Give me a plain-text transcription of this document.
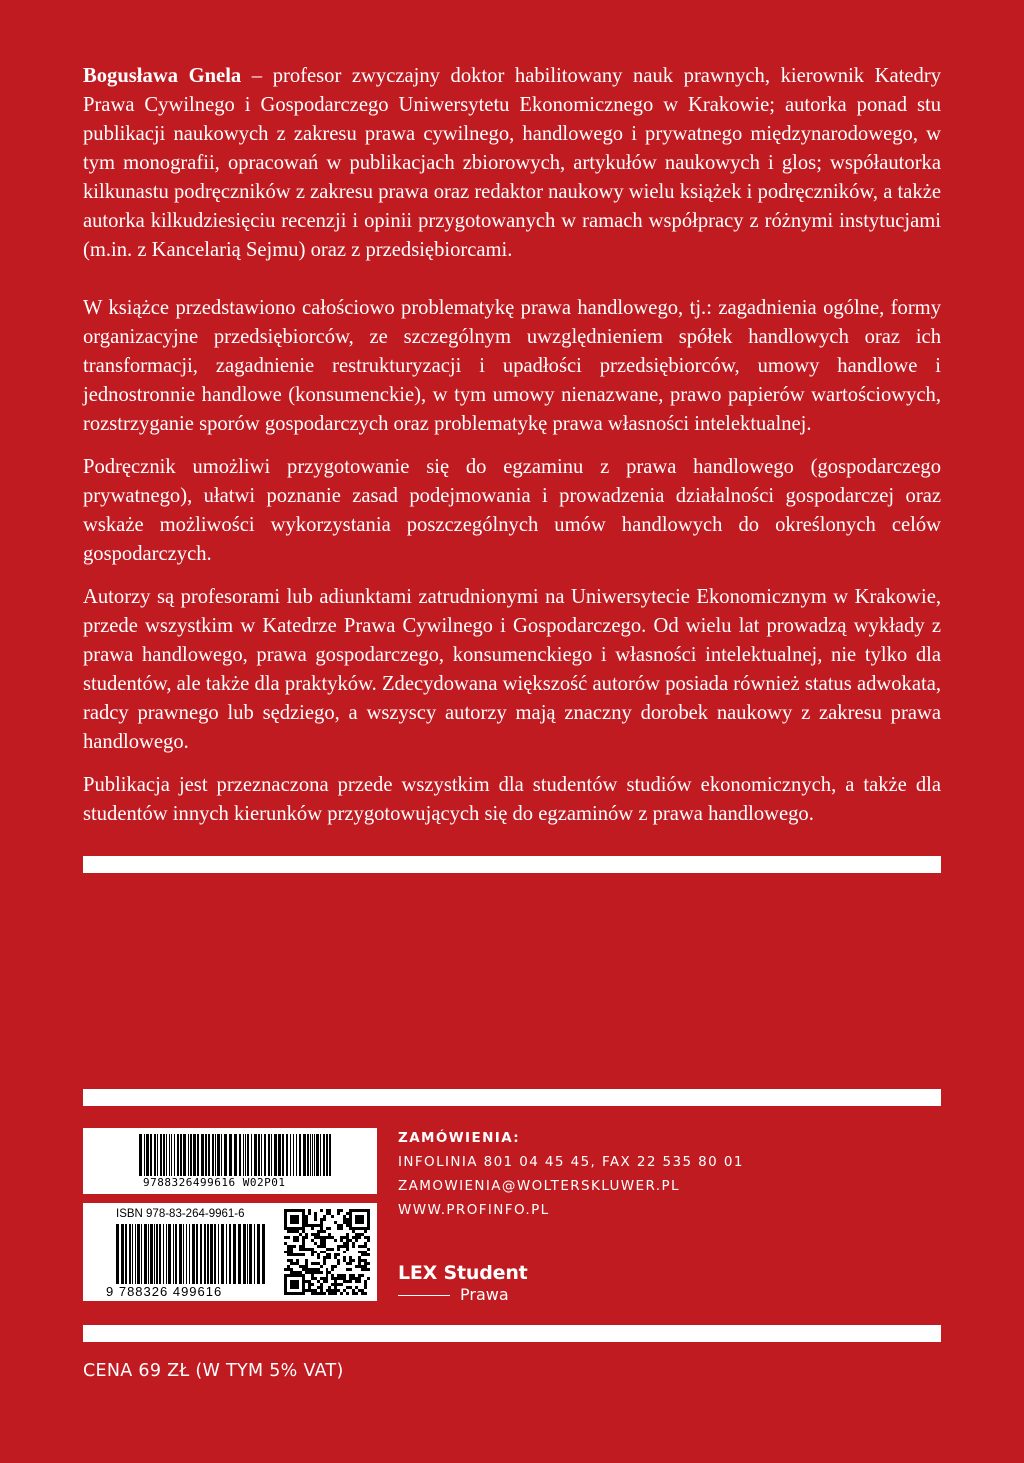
Bogusława Gnela – profesor zwyczajny doktor habilitowany nauk prawnych, kierownik Katedry Prawa Cywilnego i Gospodarczego Uniwersytetu Ekonomicznego w Krakowie; autorka ponad stu publikacji naukowych z zakresu prawa cywilnego, handlowego i prywatnego międzynarodowego, w tym monografii, opracowań w publikacjach zbiorowych, artykułów naukowych i glos; współautorka kilkunastu podręczników z zakresu prawa oraz redaktor naukowy wielu książek i podręczników, a także autorka kilkudziesięciu recenzji i opinii przygotowanych w ramach współpracy z różnymi instytucjami (m.in. z Kancelarią Sejmu) oraz z przedsiębiorcami.

W książce przedstawiono całościowo problematykę prawa handlowego, tj.: zagadnienia ogólne, formy organizacyjne przedsiębiorców, ze szczególnym uwzględnieniem spółek handlowych oraz ich transformacji, zagadnienie restrukturyzacji i upadłości przedsiębiorców, umowy handlowe i jednostronnie handlowe (konsumenckie), w tym umowy nienazwane, prawo papierów wartościowych, rozstrzyganie sporów gospodarczych oraz problematykę prawa własności intelektualnej.

Podręcznik umożliwi przygotowanie się do egzaminu z prawa handlowego (gospodarczego prywatnego), ułatwi poznanie zasad podejmowania i prowadzenia działalności gospodarczej oraz wskaże możliwości wykorzystania poszczególnych umów handlowych do określonych celów gospodarczych.

Autorzy są profesorami lub adiunktami zatrudnionymi na Uniwersytecie Ekonomicznym w Krakowie, przede wszystkim w Katedrze Prawa Cywilnego i Gospodarczego. Od wielu lat prowadzą wykłady z prawa handlowego, prawa gospodarczego, konsumenckiego i własności intelektualnej, nie tylko dla studentów, ale także dla praktyków. Zdecydowana większość autorów posiada również status adwokata, radcy prawnego lub sędziego, a wszyscy autorzy mają znaczny dorobek naukowy z zakresu prawa handlowego.

Publikacja jest przeznaczona przede wszystkim dla studentów studiów ekonomicznych, a także dla studentów innych kierunków przygotowujących się do egzaminów z prawa handlowego.

9788326499616 W02P01
ISBN 978-83-264-9961-6
9 788326 499616
ZAMÓWIENIA:
INFOLINIA 801 04 45 45, FAX 22 535 80 01
ZAMOWIENIA@WOLTERSKLUWER.PL
WWW.PROFINFO.PL
LEX Student
Prawa
CENA 69 ZŁ (W TYM 5% VAT)
